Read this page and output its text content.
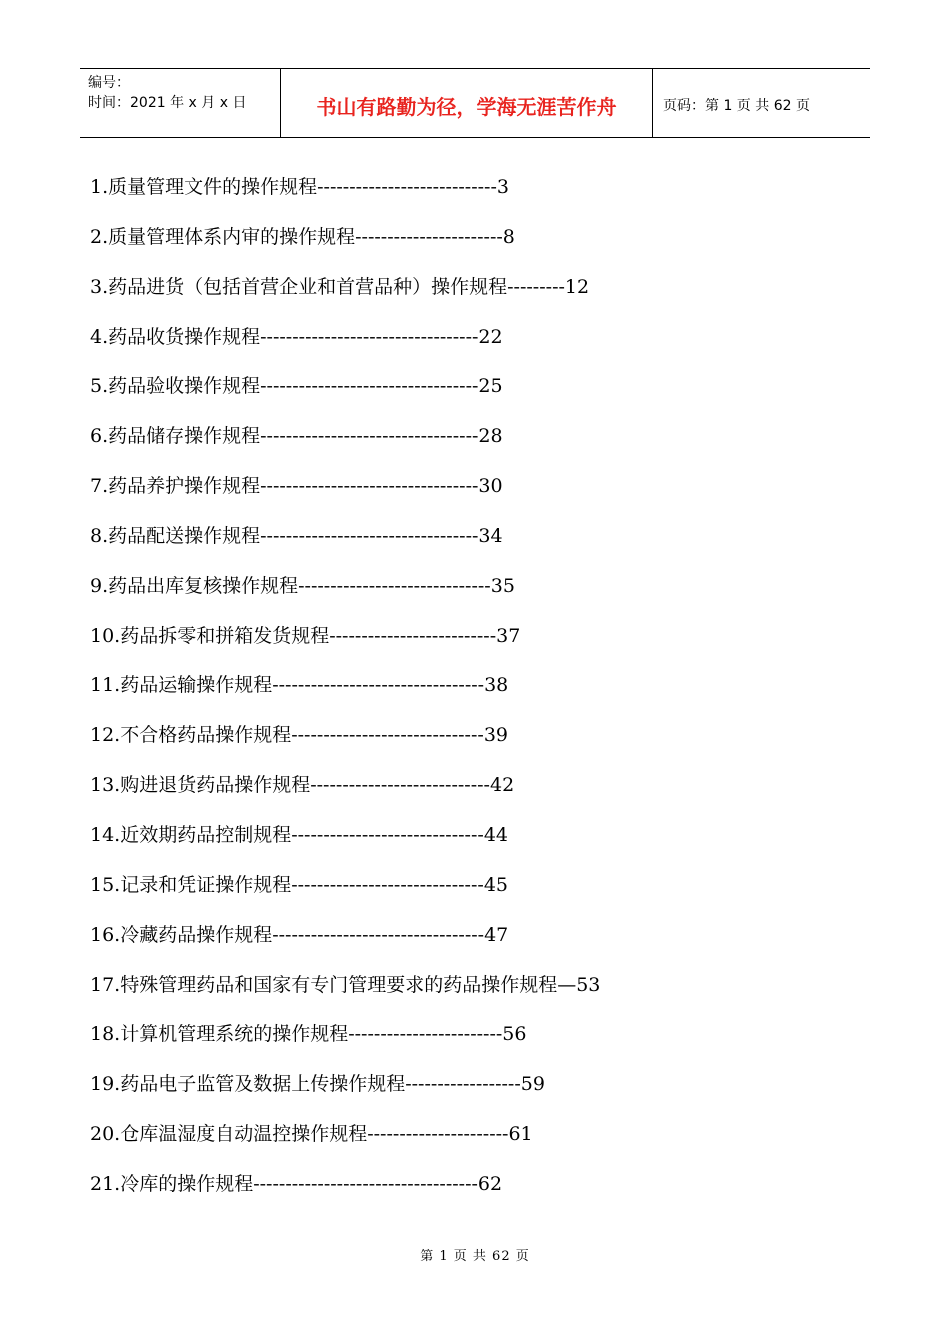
编号：
时间：2021 年 x 月 x 日	书山有路勤为径，学海无涯苦作舟	页码：第 1 页 共 62 页
1.质量管理文件的操作规程----------------------------3
2.质量管理体系内审的操作规程-----------------------8
3.药品进货（包括首营企业和首营品种）操作规程---------12
4.药品收货操作规程----------------------------------22
5.药品验收操作规程----------------------------------25
6.药品储存操作规程----------------------------------28
7.药品养护操作规程----------------------------------30
8.药品配送操作规程----------------------------------34
9.药品出库复核操作规程------------------------------35
10.药品拆零和拼箱发货规程--------------------------37
11.药品运输操作规程---------------------------------38
12.不合格药品操作规程------------------------------39
13.购进退货药品操作规程----------------------------42
14.近效期药品控制规程------------------------------44
15.记录和凭证操作规程------------------------------45
16.冷藏药品操作规程---------------------------------47
17.特殊管理药品和国家有专门管理要求的药品操作规程—53
18.计算机管理系统的操作规程------------------------56
19.药品电子监管及数据上传操作规程------------------59
20.仓库温湿度自动温控操作规程----------------------61
21.冷库的操作规程-----------------------------------62
第 1 页 共 62 页
